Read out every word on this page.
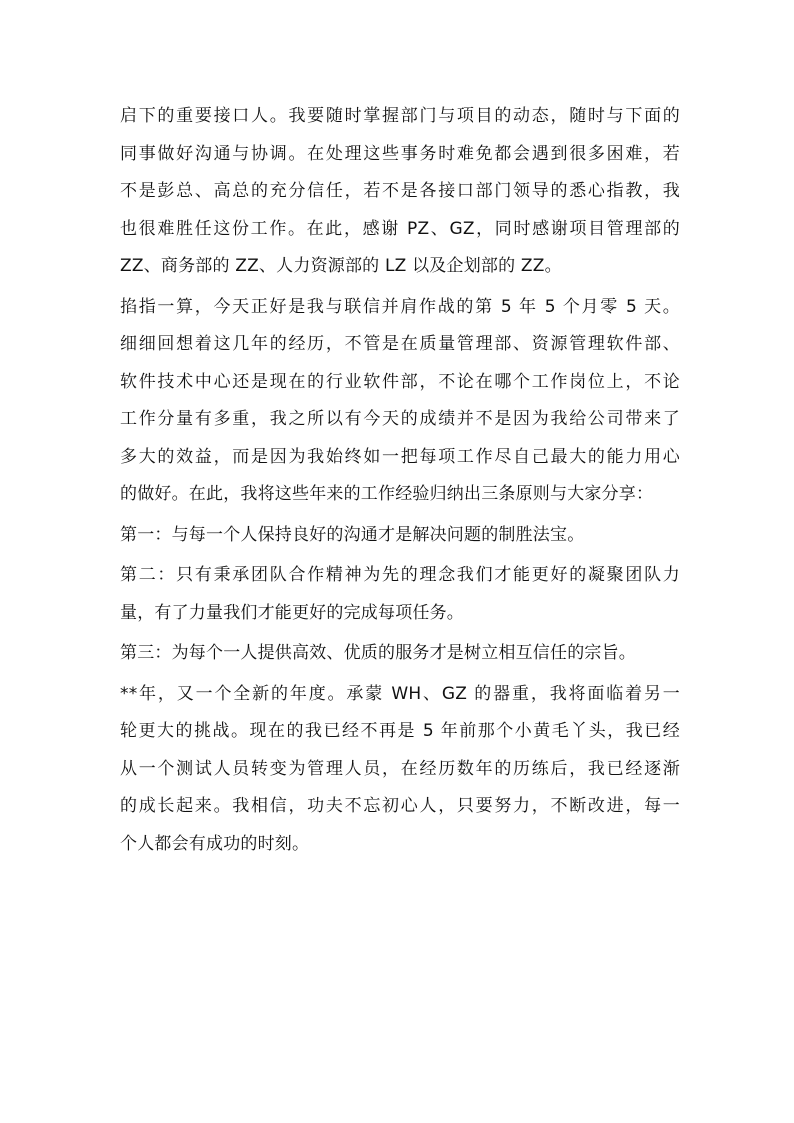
启下的重要接口人。我要随时掌握部门与项目的动态，随时与下面的
同事做好沟通与协调。在处理这些事务时难免都会遇到很多困难，若
不是彭总、高总的充分信任，若不是各接口部门领导的悉心指教，我
也很难胜任这份工作。在此，感谢 PZ、GZ，同时感谢项目管理部的
ZZ、商务部的 ZZ、人力资源部的 LZ 以及企划部的 ZZ。

掐指一算，今天正好是我与联信并肩作战的第 5 年 5 个月零 5 天。
细细回想着这几年的经历，不管是在质量管理部、资源管理软件部、
软件技术中心还是现在的行业软件部，不论在哪个工作岗位上，不论
工作分量有多重，我之所以有今天的成绩并不是因为我给公司带来了
多大的效益，而是因为我始终如一把每项工作尽自己最大的能力用心
的做好。在此，我将这些年来的工作经验归纳出三条原则与大家分享：

第一：与每一个人保持良好的沟通才是解决问题的制胜法宝。

第二：只有秉承团队合作精神为先的理念我们才能更好的凝聚团队力
量，有了力量我们才能更好的完成每项任务。

第三：为每个一人提供高效、优质的服务才是树立相互信任的宗旨。

**年，又一个全新的年度。承蒙 WH、GZ 的器重，我将面临着另一
轮更大的挑战。现在的我已经不再是 5 年前那个小黄毛丫头，我已经
从一个测试人员转变为管理人员，在经历数年的历练后，我已经逐渐
的成长起来。我相信，功夫不忘初心人，只要努力，不断改进，每一
个人都会有成功的时刻。
